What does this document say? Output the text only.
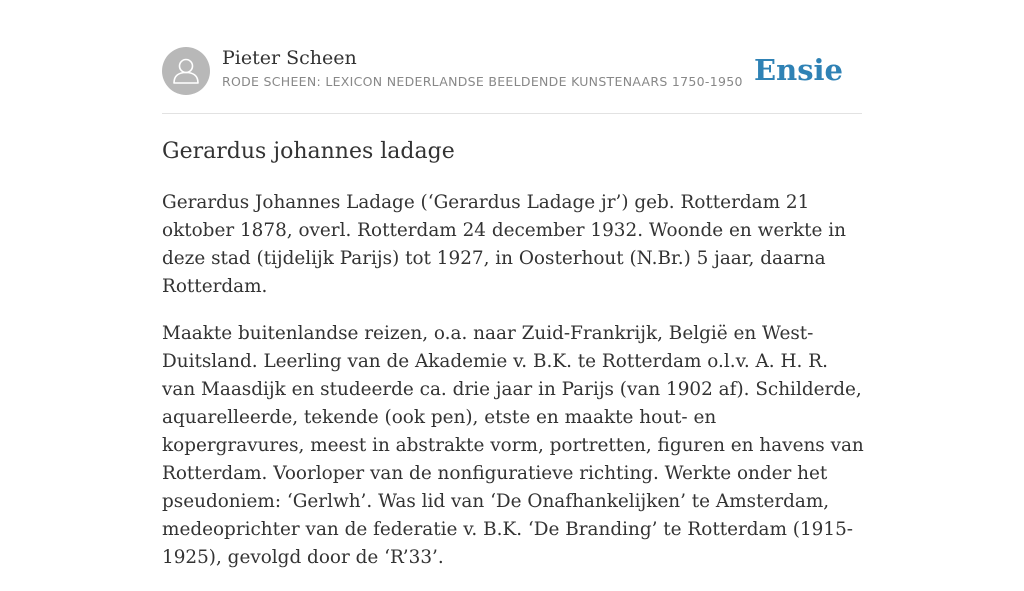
Pieter Scheen
RODE SCHEEN: LEXICON NEDERLANDSE BEELDENDE KUNSTENAARS 1750-1950 Ensie
Gerardus johannes ladage

Gerardus Johannes Ladage (‘Gerardus Ladage jr’) geb. Rotterdam 21 oktober 1878, overl. Rotterdam 24 december 1932. Woonde en werkte in deze stad (tijdelijk Parijs) tot 1927, in Oosterhout (N.Br.) 5 jaar, daarna Rotterdam.

Maakte buitenlandse reizen, o.a. naar Zuid-Frankrijk, België en West-Duitsland. Leerling van de Akademie v. B.K. te Rotterdam o.l.v. A. H. R. van Maasdijk en studeerde ca. drie jaar in Parijs (van 1902 af). Schilderde, aquarelleerde, tekende (ook pen), etste en maakte hout- en kopergravures, meest in abstrakte vorm, portretten, figuren en havens van Rotterdam. Voorloper van de nonfiguratieve richting. Werkte onder het pseudoniem: ‘Gerlwh’. Was lid van ‘De Onafhankelijken’ te Amsterdam, medeoprichter van de federatie v. B.K. ‘De Branding’ te Rotterdam (1915-1925), gevolgd door de ‘R’33’.
